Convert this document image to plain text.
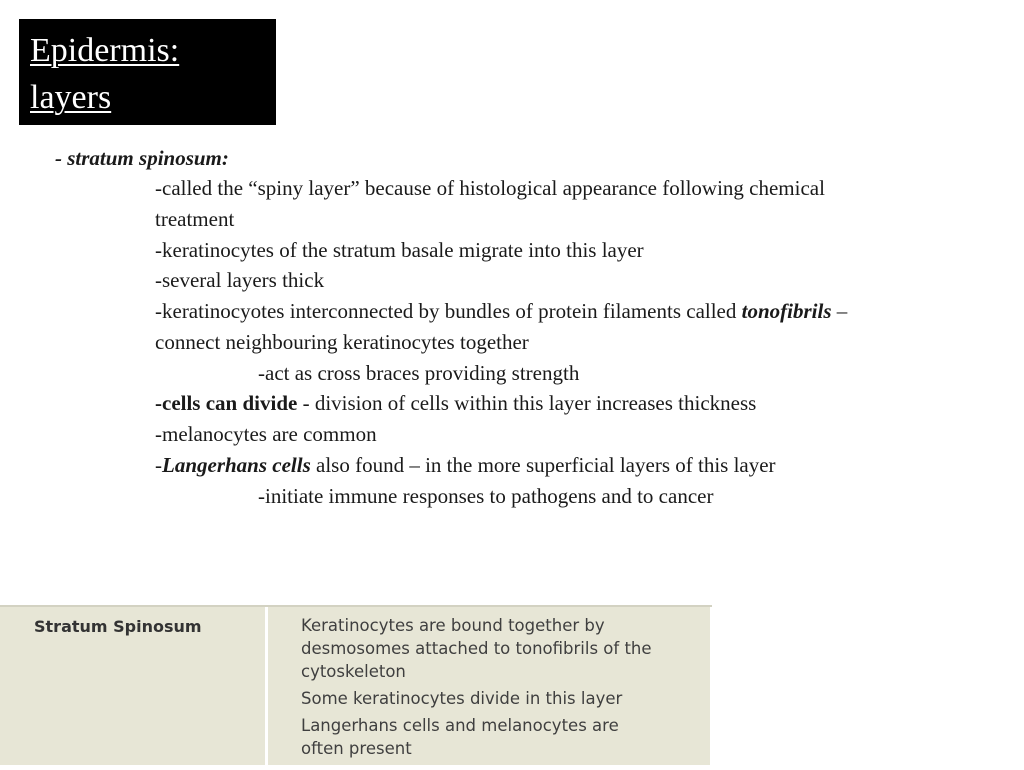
Epidermis:
layers

- stratum spinosum:
-called the “spiny layer” because of histological appearance following chemical
treatment
-keratinocytes of the stratum basale migrate into this layer
-several layers thick
-keratinocyotes interconnected by bundles of protein filaments called tonofibrils –
connect neighbouring keratinocytes together
-act as cross braces providing strength
-cells can divide - division of cells within this layer increases thickness
-melanocytes are common
-Langerhans cells also found – in the more superficial layers of this layer
-initiate immune responses to pathogens and to cancer
Stratum Spinosum	Keratinocytes are bound together by
desmosomes attached to tonofibrils of the
cytoskeleton
Some keratinocytes divide in this layer
Langerhans cells and melanocytes are
often present
